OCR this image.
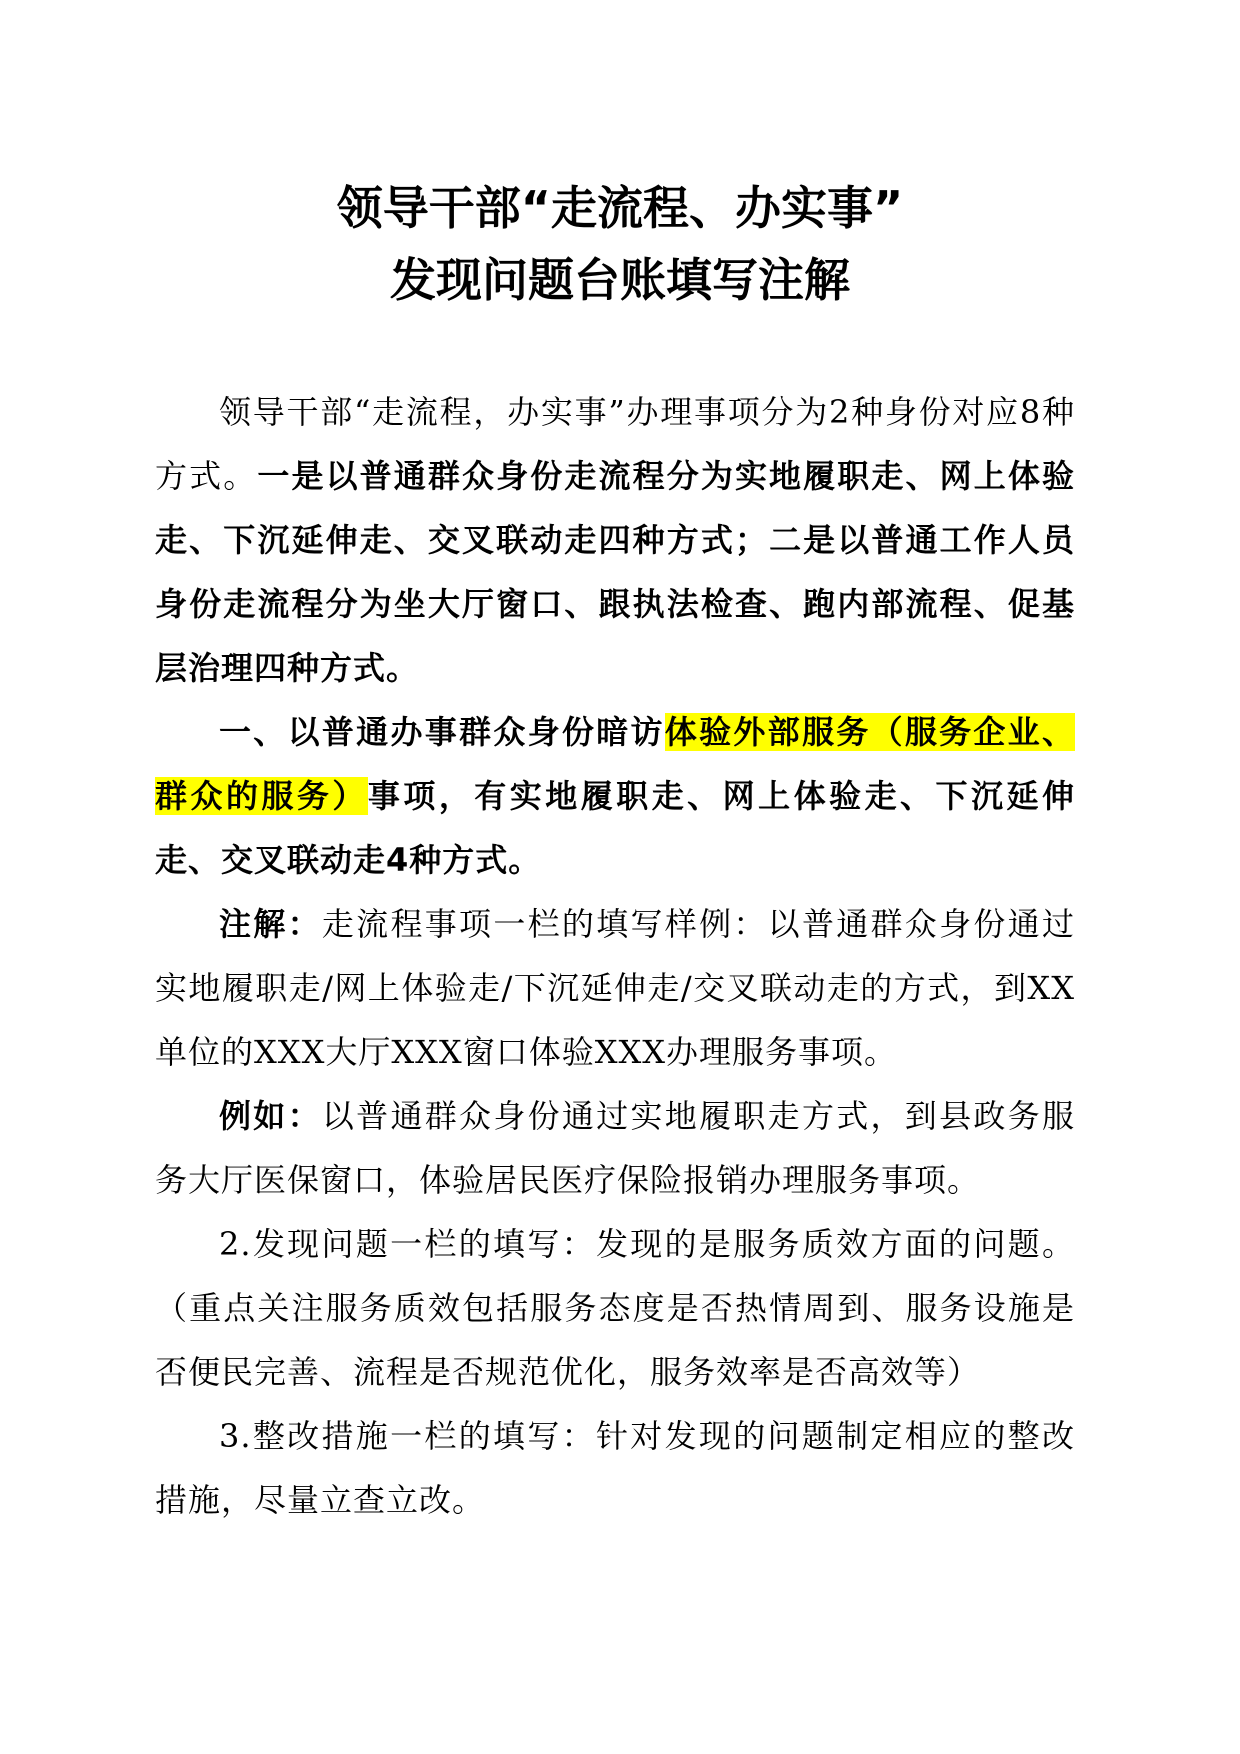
领导干部“走流程、办实事”
发现问题台账填写注解

领导干部“走流程，办实事”办理事项分为2种身份对应8种方式。一是以普通群众身份走流程分为实地履职走、网上体验走、下沉延伸走、交叉联动走四种方式；二是以普通工作人员身份走流程分为坐大厅窗口、跟执法检查、跑内部流程、促基层治理四种方式。

一、以普通办事群众身份暗访体验外部服务（服务企业、群众的服务）事项，有实地履职走、网上体验走、下沉延伸走、交叉联动走4种方式。

注解：走流程事项一栏的填写样例：以普通群众身份通过实地履职走/网上体验走/下沉延伸走/交叉联动走的方式，到XX单位的XXX大厅XXX窗口体验XXX办理服务事项。

例如：以普通群众身份通过实地履职走方式，到县政务服务大厅医保窗口，体验居民医疗保险报销办理服务事项。

2.发现问题一栏的填写：发现的是服务质效方面的问题。（重点关注服务质效包括服务态度是否热情周到、服务设施是否便民完善、流程是否规范优化，服务效率是否高效等）

3.整改措施一栏的填写：针对发现的问题制定相应的整改措施，尽量立查立改。
